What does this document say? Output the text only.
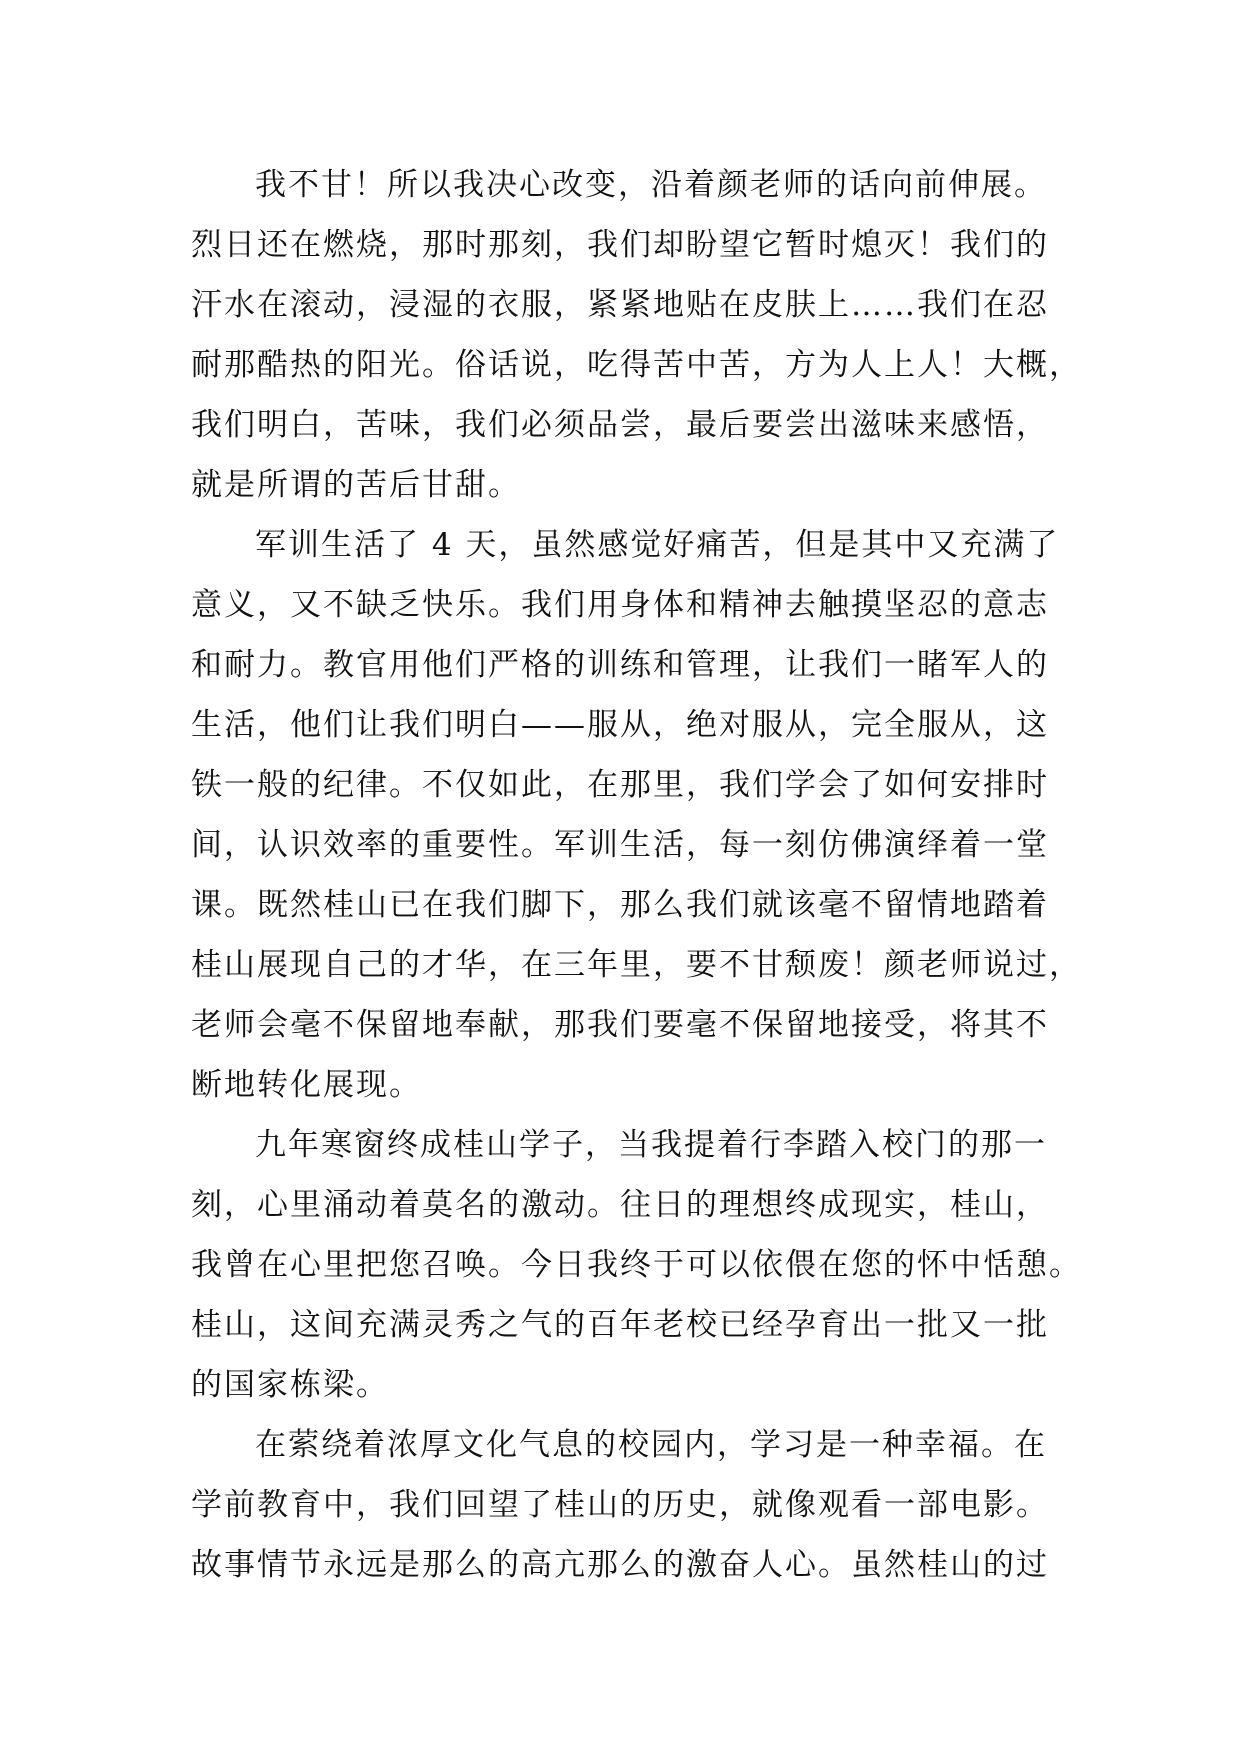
我不甘！所以我决心改变，沿着颜老师的话向前伸展。
烈日还在燃烧，那时那刻，我们却盼望它暂时熄灭！我们的
汗水在滚动，浸湿的衣服，紧紧地贴在皮肤上……我们在忍
耐那酷热的阳光。俗话说，吃得苦中苦，方为人上人！大概，
我们明白，苦味，我们必须品尝，最后要尝出滋味来感悟，
就是所谓的苦后甘甜。
军训生活了 4 天，虽然感觉好痛苦，但是其中又充满了
意义，又不缺乏快乐。我们用身体和精神去触摸坚忍的意志
和耐力。教官用他们严格的训练和管理，让我们一睹军人的
生活，他们让我们明白——服从，绝对服从，完全服从，这
铁一般的纪律。不仅如此，在那里，我们学会了如何安排时
间，认识效率的重要性。军训生活，每一刻仿佛演绎着一堂
课。既然桂山已在我们脚下，那么我们就该毫不留情地踏着
桂山展现自己的才华，在三年里，要不甘颓废！颜老师说过，
老师会毫不保留地奉献，那我们要毫不保留地接受，将其不
断地转化展现。
九年寒窗终成桂山学子，当我提着行李踏入校门的那一
刻，心里涌动着莫名的激动。往日的理想终成现实，桂山，
我曾在心里把您召唤。今日我终于可以依偎在您的怀中恬憩。
桂山，这间充满灵秀之气的百年老校已经孕育出一批又一批
的国家栋梁。
在萦绕着浓厚文化气息的校园内，学习是一种幸福。在
学前教育中，我们回望了桂山的历史，就像观看一部电影。
故事情节永远是那么的高亢那么的激奋人心。虽然桂山的过
